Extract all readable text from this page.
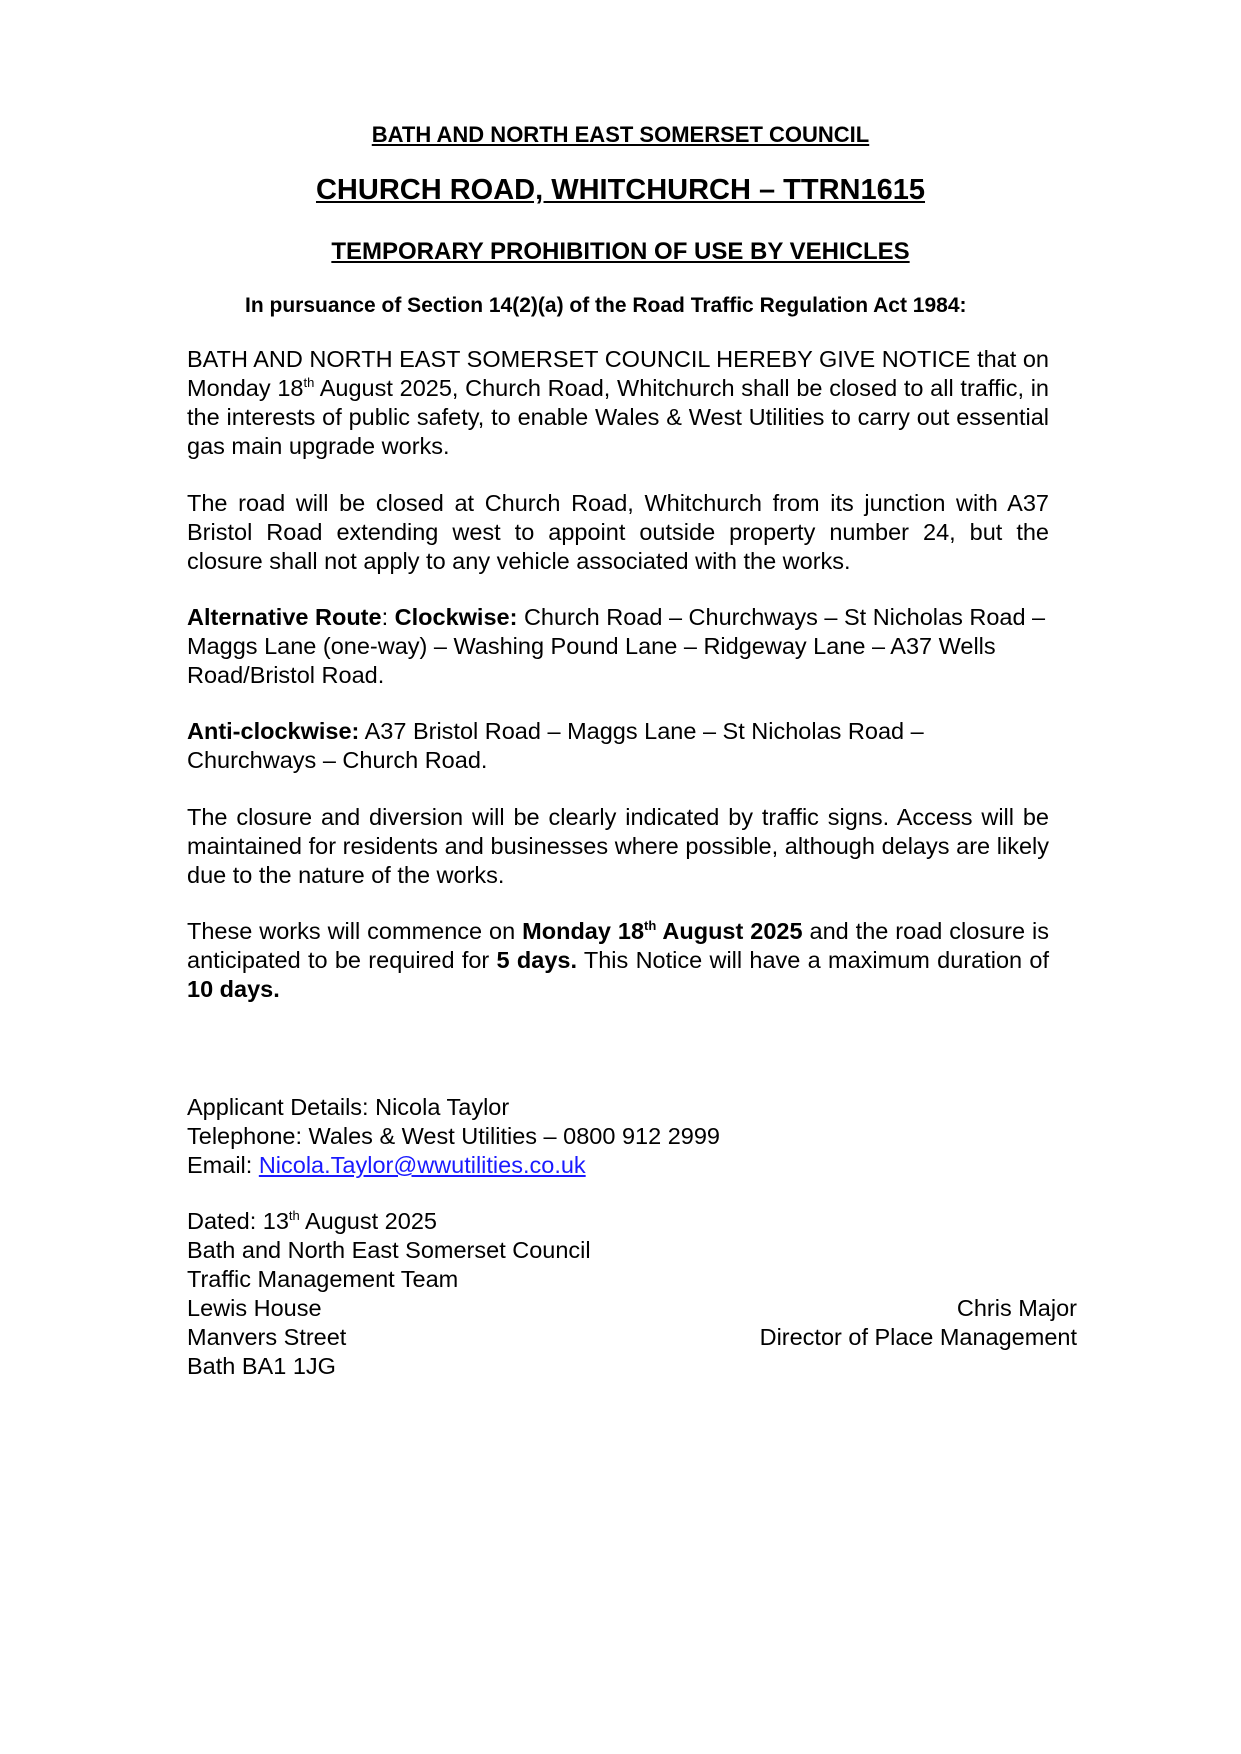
BATH AND NORTH EAST SOMERSET COUNCIL
CHURCH ROAD, WHITCHURCH – TTRN1615
TEMPORARY PROHIBITION OF USE BY VEHICLES
In pursuance of Section 14(2)(a) of the Road Traffic Regulation Act 1984:
BATH AND NORTH EAST SOMERSET COUNCIL HEREBY GIVE NOTICE that on Monday 18th August 2025, Church Road, Whitchurch shall be closed to all traffic, in the interests of public safety, to enable Wales & West Utilities to carry out essential gas main upgrade works.
The road will be closed at Church Road, Whitchurch from its junction with A37 Bristol Road extending west to appoint outside property number 24, but the closure shall not apply to any vehicle associated with the works.
Alternative Route: Clockwise: Church Road – Churchways – St Nicholas Road – Maggs Lane (one-way) – Washing Pound Lane – Ridgeway Lane – A37 Wells Road/Bristol Road.
Anti-clockwise: A37 Bristol Road – Maggs Lane – St Nicholas Road – Churchways – Church Road.
The closure and diversion will be clearly indicated by traffic signs. Access will be maintained for residents and businesses where possible, although delays are likely due to the nature of the works.
These works will commence on Monday 18th August 2025 and the road closure is anticipated to be required for 5 days. This Notice will have a maximum duration of 10 days.
Applicant Details: Nicola Taylor
Telephone: Wales & West Utilities – 0800 912 2999
Email: Nicola.Taylor@wwutilities.co.uk
Dated: 13th August 2025
Bath and North East Somerset Council
Traffic Management Team
Lewis House
Manvers Street
Bath BA1 1JG
Chris Major
Director of Place Management
